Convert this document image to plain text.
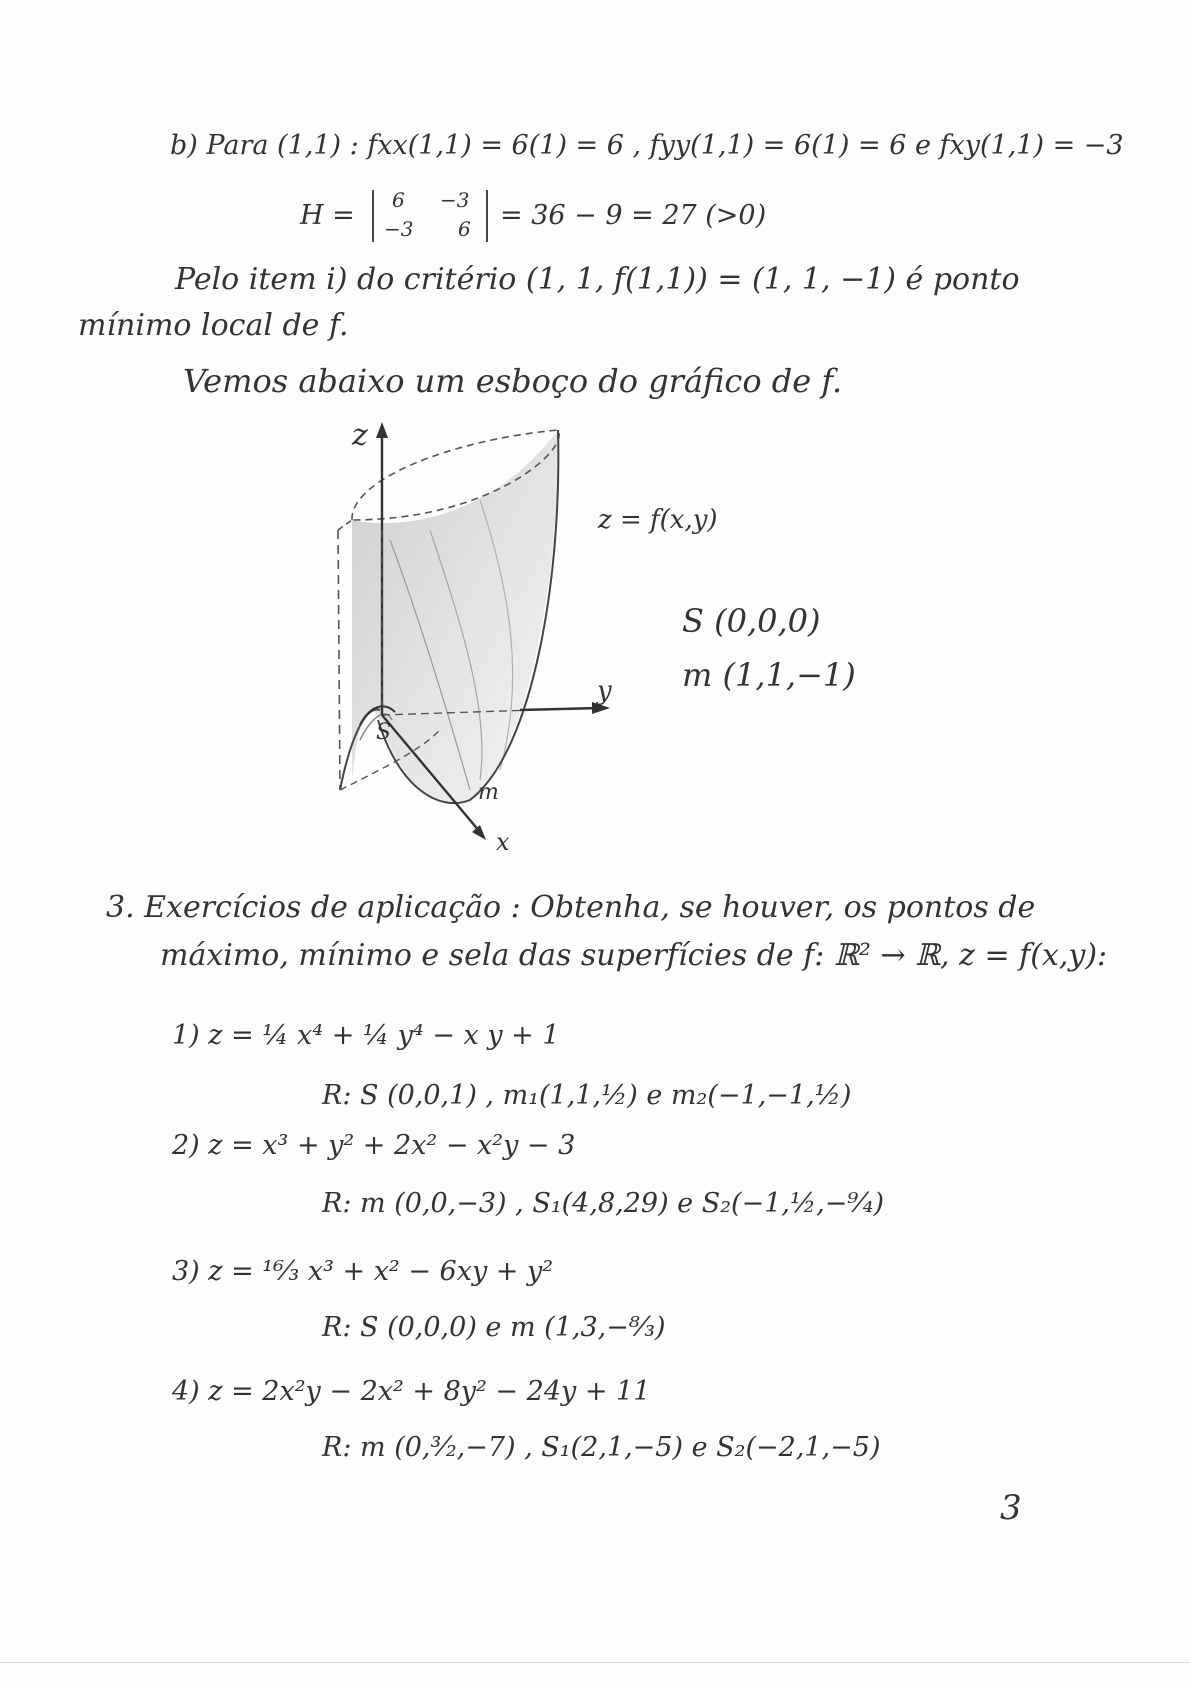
b) Para (1,1) : fxx(1,1) = 6(1) = 6 , fyy(1,1) = 6(1) = 6 e fxy(1,1) = −3
H = 6 −3
−3 6 = 36 − 9 = 27 (>0)
Pelo item i) do critério (1, 1, f(1,1)) = (1, 1, −1) é ponto
mínimo local de f.
Vemos abaixo um esboço do gráfico de f.
z
z = f(x,y)
y
S
m
x
S (0,0,0)
m (1,1,−1)
3. Exercícios de aplicação : Obtenha, se houver, os pontos de
máximo, mínimo e sela das superfícies de f: ℝ² → ℝ, z = f(x,y):
1) z = ¼ x⁴ + ¼ y⁴ − x y + 1
R: S (0,0,1) , m₁(1,1,½) e m₂(−1,−1,½)
2) z = x³ + y² + 2x² − x²y − 3
R: m (0,0,−3) , S₁(4,8,29) e S₂(−1,½,−⁹⁄₄)
3) z = ¹⁶⁄₃ x³ + x² − 6xy + y²
R: S (0,0,0) e m (1,3,−⁸⁄₃)
4) z = 2x²y − 2x² + 8y² − 24y + 11
R: m (0,³⁄₂,−7) , S₁(2,1,−5) e S₂(−2,1,−5)
3
